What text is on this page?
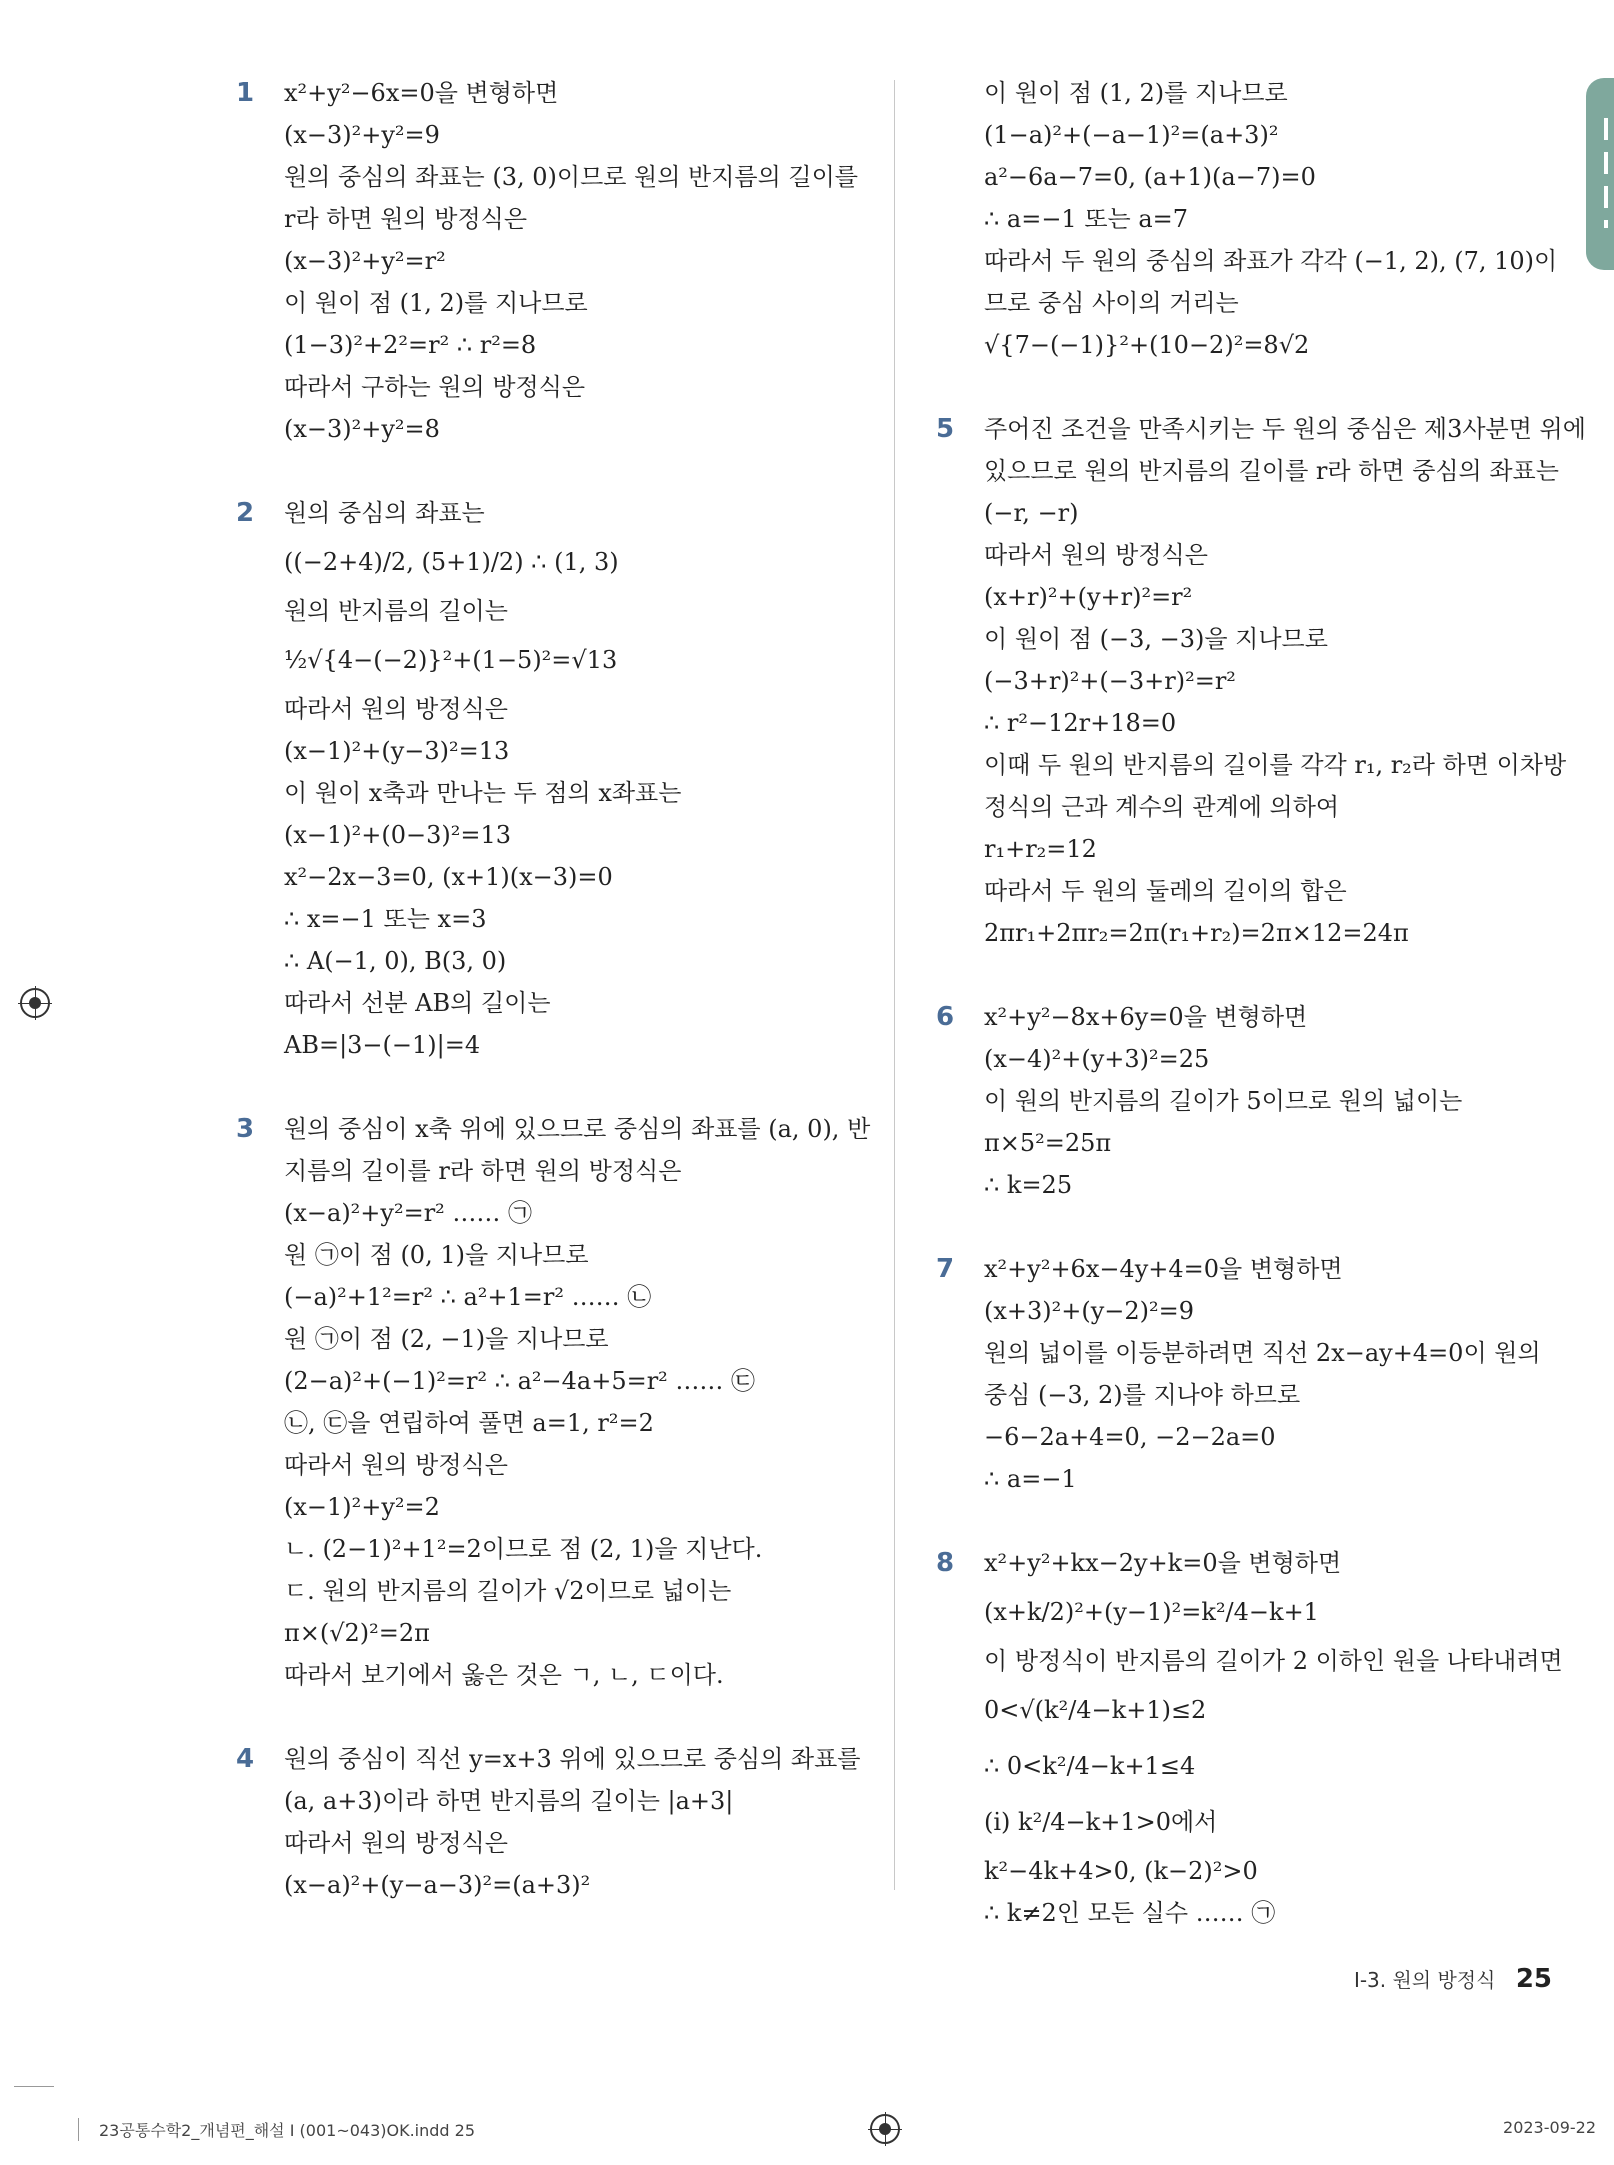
1	x²+y²−6x=0을 변형하면
(x−3)²+y²=9
원의 중심의 좌표는 (3, 0)이므로 원의 반지름의 길이를
r라 하면 원의 방정식은
(x−3)²+y²=r²
이 원이 점 (1, 2)를 지나므로
(1−3)²+2²=r² ∴ r²=8
따라서 구하는 원의 방정식은
(x−3)²+y²=8
2	원의 중심의 좌표는
((−2+4)/2, (5+1)/2) ∴ (1, 3)
원의 반지름의 길이는
½√{4−(−2)}²+(1−5)²=√13
따라서 원의 방정식은
(x−1)²+(y−3)²=13
이 원이 x축과 만나는 두 점의 x좌표는
(x−1)²+(0−3)²=13
x²−2x−3=0, (x+1)(x−3)=0
∴ x=−1 또는 x=3
∴ A(−1, 0), B(3, 0)
따라서 선분 AB의 길이는
AB=|3−(−1)|=4
3	원의 중심이 x축 위에 있으므로 중심의 좌표를 (a, 0), 반
지름의 길이를 r라 하면 원의 방정식은
(x−a)²+y²=r² …… ㉠
원 ㉠이 점 (0, 1)을 지나므로
(−a)²+1²=r² ∴ a²+1=r² …… ㉡
원 ㉠이 점 (2, −1)을 지나므로
(2−a)²+(−1)²=r² ∴ a²−4a+5=r² …… ㉢
㉡, ㉢을 연립하여 풀면 a=1, r²=2
따라서 원의 방정식은
(x−1)²+y²=2
ㄴ. (2−1)²+1²=2이므로 점 (2, 1)을 지난다.
ㄷ. 원의 반지름의 길이가 √2이므로 넓이는
π×(√2)²=2π
따라서 보기에서 옳은 것은 ㄱ, ㄴ, ㄷ이다.
4	원의 중심이 직선 y=x+3 위에 있으므로 중심의 좌표를
(a, a+3)이라 하면 반지름의 길이는 |a+3|
따라서 원의 방정식은
(x−a)²+(y−a−3)²=(a+3)²
이 원이 점 (1, 2)를 지나므로
(1−a)²+(−a−1)²=(a+3)²
a²−6a−7=0, (a+1)(a−7)=0
∴ a=−1 또는 a=7
따라서 두 원의 중심의 좌표가 각각 (−1, 2), (7, 10)이
므로 중심 사이의 거리는
√{7−(−1)}²+(10−2)²=8√2
5	주어진 조건을 만족시키는 두 원의 중심은 제3사분면 위에
있으므로 원의 반지름의 길이를 r라 하면 중심의 좌표는
(−r, −r)
따라서 원의 방정식은
(x+r)²+(y+r)²=r²
이 원이 점 (−3, −3)을 지나므로
(−3+r)²+(−3+r)²=r²
∴ r²−12r+18=0
이때 두 원의 반지름의 길이를 각각 r₁, r₂라 하면 이차방
정식의 근과 계수의 관계에 의하여
r₁+r₂=12
따라서 두 원의 둘레의 길이의 합은
2πr₁+2πr₂=2π(r₁+r₂)=2π×12=24π
6	x²+y²−8x+6y=0을 변형하면
(x−4)²+(y+3)²=25
이 원의 반지름의 길이가 5이므로 원의 넓이는
π×5²=25π
∴ k=25
7	x²+y²+6x−4y+4=0을 변형하면
(x+3)²+(y−2)²=9
원의 넓이를 이등분하려면 직선 2x−ay+4=0이 원의
중심 (−3, 2)를 지나야 하므로
−6−2a+4=0, −2−2a=0
∴ a=−1
8	x²+y²+kx−2y+k=0을 변형하면
(x+k/2)²+(y−1)²=k²/4−k+1
이 방정식이 반지름의 길이가 2 이하인 원을 나타내려면
0<√(k²/4−k+1)≤2
∴ 0<k²/4−k+1≤4
(i) k²/4−k+1>0에서
k²−4k+4>0, (k−2)²>0
∴ k≠2인 모든 실수 …… ㉠
I-3. 원의 방정식 25
23공통수학2_개념편_해설 I (001~043)OK.indd 25	2023-09-22
